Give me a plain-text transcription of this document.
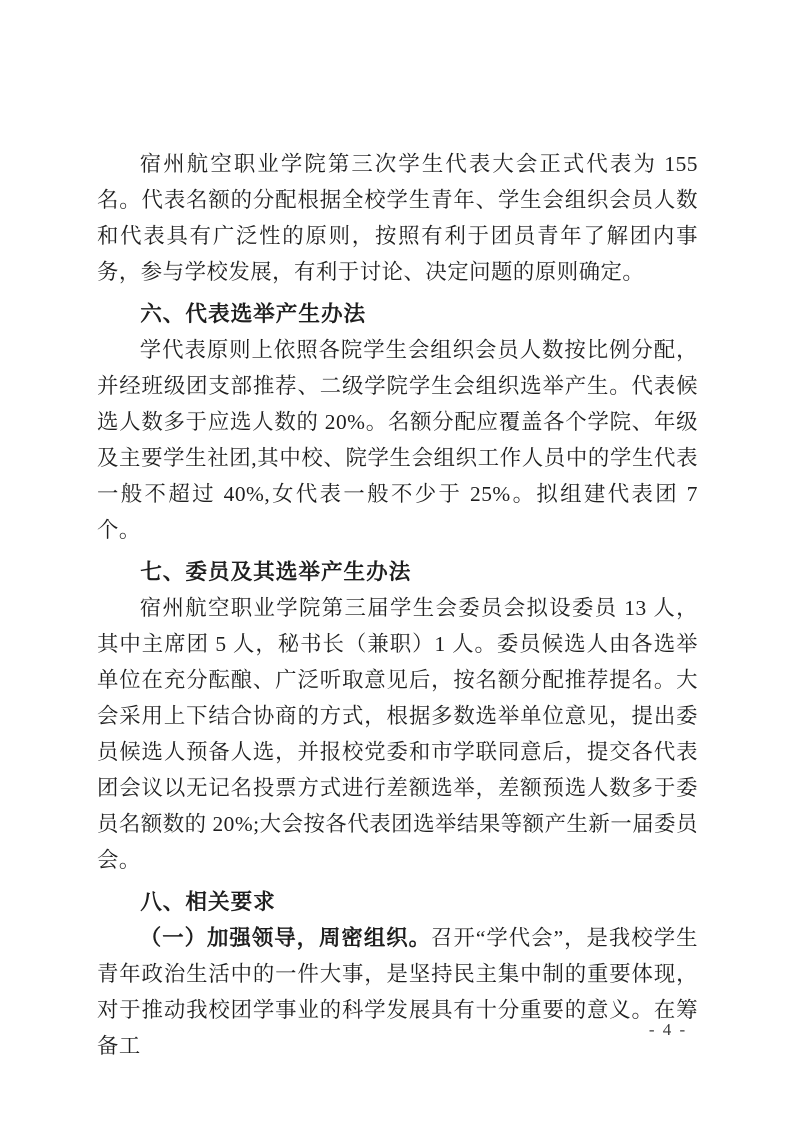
宿州航空职业学院第三次学生代表大会正式代表为 155 名。代表名额的分配根据全校学生青年、学生会组织会员人数和代表具有广泛性的原则，按照有利于团员青年了解团内事务，参与学校发展，有利于讨论、决定问题的原则确定。

六、代表选举产生办法

学代表原则上依照各院学生会组织会员人数按比例分配，并经班级团支部推荐、二级学院学生会组织选举产生。代表候选人数多于应选人数的 20%。名额分配应覆盖各个学院、年级及主要学生社团,其中校、院学生会组织工作人员中的学生代表一般不超过 40%,女代表一般不少于 25%。拟组建代表团 7 个。

七、委员及其选举产生办法

宿州航空职业学院第三届学生会委员会拟设委员 13 人，其中主席团 5 人，秘书长（兼职）1 人。委员候选人由各选举单位在充分酝酿、广泛听取意见后，按名额分配推荐提名。大会采用上下结合协商的方式，根据多数选举单位意见，提出委员候选人预备人选，并报校党委和市学联同意后，提交各代表团会议以无记名投票方式进行差额选举，差额预选人数多于委员名额数的 20%;大会按各代表团选举结果等额产生新一届委员会。

八、相关要求

（一）加强领导，周密组织。召开“学代会”，是我校学生青年政治生活中的一件大事，是坚持民主集中制的重要体现，对于推动我校团学事业的科学发展具有十分重要的意义。在筹备工

- 4 -
